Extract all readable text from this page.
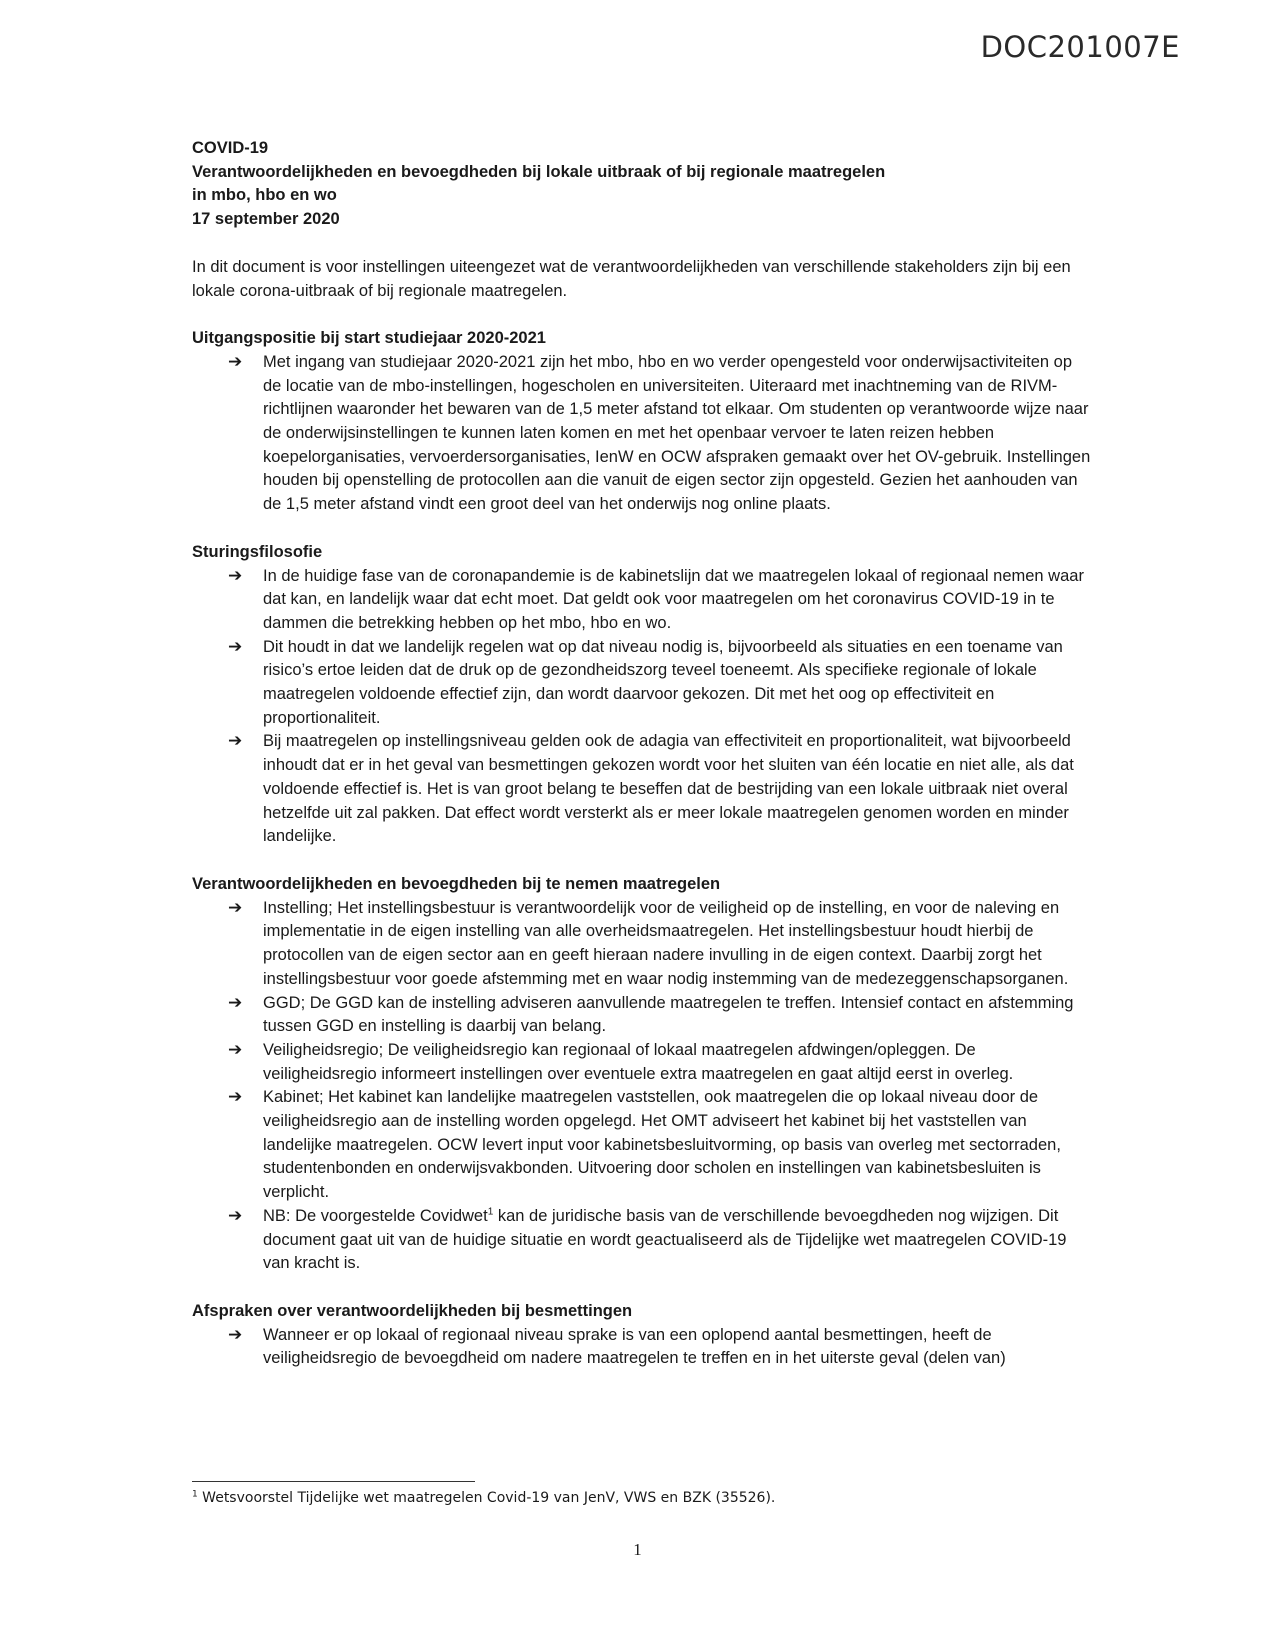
DOC201007E
COVID-19
Verantwoordelijkheden en bevoegdheden bij lokale uitbraak of bij regionale maatregelen
in mbo, hbo en wo
17 september 2020
In dit document is voor instellingen uiteengezet wat de verantwoordelijkheden van verschillende stakeholders zijn bij een lokale corona-uitbraak of bij regionale maatregelen.
Uitgangspositie bij start studiejaar 2020-2021
➔ Met ingang van studiejaar 2020-2021 zijn het mbo, hbo en wo verder opengesteld voor onderwijsactiviteiten op de locatie van de mbo-instellingen, hogescholen en universiteiten. Uiteraard met inachtneming van de RIVM-richtlijnen waaronder het bewaren van de 1,5 meter afstand tot elkaar. Om studenten op verantwoorde wijze naar de onderwijsinstellingen te kunnen laten komen en met het openbaar vervoer te laten reizen hebben koepelorganisaties, vervoerdersorganisaties, IenW en OCW afspraken gemaakt over het OV-gebruik. Instellingen houden bij openstelling de protocollen aan die vanuit de eigen sector zijn opgesteld. Gezien het aanhouden van de 1,5 meter afstand vindt een groot deel van het onderwijs nog online plaats.
Sturingsfilosofie
➔ In de huidige fase van de coronapandemie is de kabinetslijn dat we maatregelen lokaal of regionaal nemen waar dat kan, en landelijk waar dat echt moet. Dat geldt ook voor maatregelen om het coronavirus COVID-19 in te dammen die betrekking hebben op het mbo, hbo en wo.
➔ Dit houdt in dat we landelijk regelen wat op dat niveau nodig is, bijvoorbeeld als situaties en een toename van risico’s ertoe leiden dat de druk op de gezondheidszorg teveel toeneemt. Als specifieke regionale of lokale maatregelen voldoende effectief zijn, dan wordt daarvoor gekozen. Dit met het oog op effectiviteit en proportionaliteit.
➔ Bij maatregelen op instellingsniveau gelden ook de adagia van effectiviteit en proportionaliteit, wat bijvoorbeeld inhoudt dat er in het geval van besmettingen gekozen wordt voor het sluiten van één locatie en niet alle, als dat voldoende effectief is. Het is van groot belang te beseffen dat de bestrijding van een lokale uitbraak niet overal hetzelfde uit zal pakken. Dat effect wordt versterkt als er meer lokale maatregelen genomen worden en minder landelijke.
Verantwoordelijkheden en bevoegdheden bij te nemen maatregelen
➔ Instelling; Het instellingsbestuur is verantwoordelijk voor de veiligheid op de instelling, en voor de naleving en implementatie in de eigen instelling van alle overheidsmaatregelen. Het instellingsbestuur houdt hierbij de protocollen van de eigen sector aan en geeft hieraan nadere invulling in de eigen context. Daarbij zorgt het instellingsbestuur voor goede afstemming met en waar nodig instemming van de medezeggenschapsorganen.
➔ GGD; De GGD kan de instelling adviseren aanvullende maatregelen te treffen. Intensief contact en afstemming tussen GGD en instelling is daarbij van belang.
➔ Veiligheidsregio; De veiligheidsregio kan regionaal of lokaal maatregelen afdwingen/opleggen. De veiligheidsregio informeert instellingen over eventuele extra maatregelen en gaat altijd eerst in overleg.
➔ Kabinet; Het kabinet kan landelijke maatregelen vaststellen, ook maatregelen die op lokaal niveau door de veiligheidsregio aan de instelling worden opgelegd. Het OMT adviseert het kabinet bij het vaststellen van landelijke maatregelen. OCW levert input voor kabinetsbesluitvorming, op basis van overleg met sectorraden, studentenbonden en onderwijsvakbonden. Uitvoering door scholen en instellingen van kabinetsbesluiten is verplicht.
➔ NB: De voorgestelde Covidwet$^1$ kan de juridische basis van de verschillende bevoegdheden nog wijzigen. Dit document gaat uit van de huidige situatie en wordt geactualiseerd als de Tijdelijke wet maatregelen COVID-19 van kracht is.
Afspraken over verantwoordelijkheden bij besmettingen
➔ Wanneer er op lokaal of regionaal niveau sprake is van een oplopend aantal besmettingen, heeft de veiligheidsregio de bevoegdheid om nadere maatregelen te treffen en in het uiterste geval (delen van)
$^1$ Wetsvoorstel Tijdelijke wet maatregelen Covid-19 van JenV, VWS en BZK (35526).
1
